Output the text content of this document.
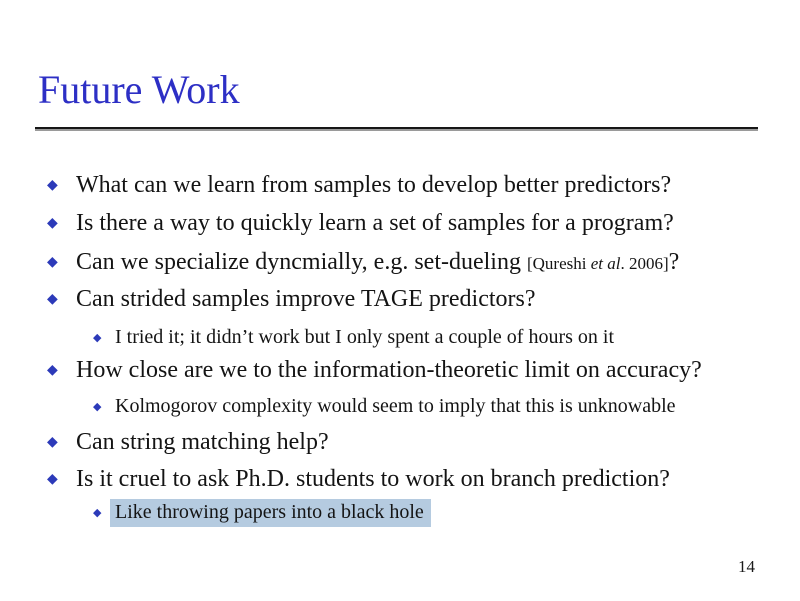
Future Work
◆ What can we learn from samples to develop better predictors?
◆ Is there a way to quickly learn a set of samples for a program?
◆ Can we specialize dyncmially, e.g. set-dueling [Qureshi et al. 2006]?
◆ Can strided samples improve TAGE predictors?
◆ I tried it; it didn’t work but I only spent a couple of hours on it
◆ How close are we to the information-theoretic limit on accuracy?
◆ Kolmogorov complexity would seem to imply that this is unknowable
◆ Can string matching help?
◆ Is it cruel to ask Ph.D. students to work on branch prediction?
◆ Like throwing papers into a black hole
14
